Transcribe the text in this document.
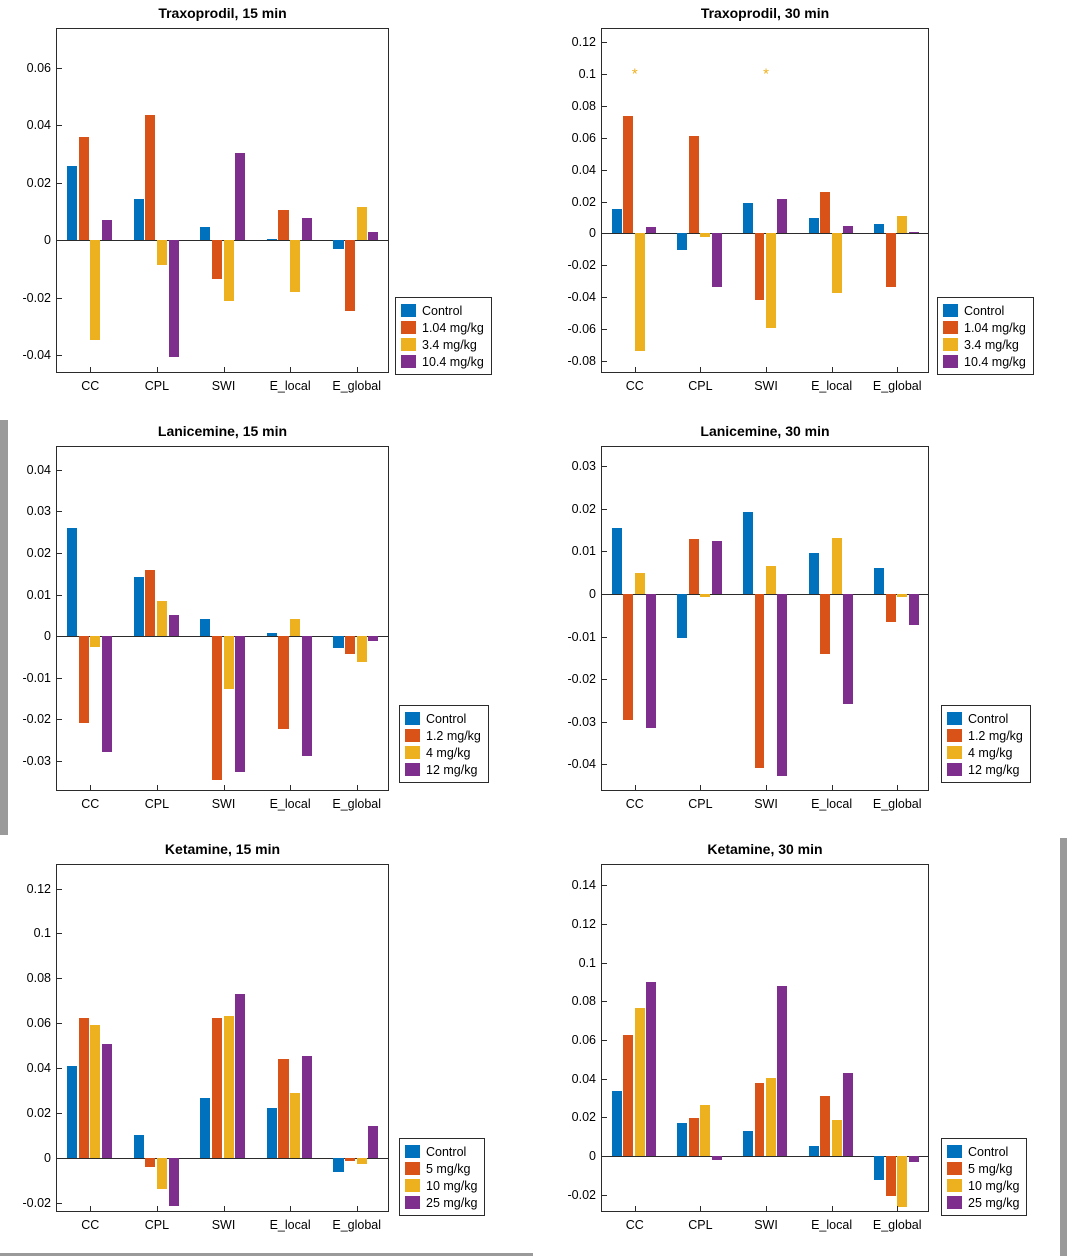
Traxoprodil, 15 min
-0.04
-0.02
0
0.02
0.04
0.06
CC	CPL	SWI	E_local E_global
Control
1.04 mg/kg
3.4 mg/kg
10.4 mg/kg
Traxoprodil, 30 min
-0.08
-0.06
-0.04
-0.02
0
0.02
0.04
0.06
0.08
0.1
0.12
CC	CPL	SWI	E_local E_global
*	*
Control
1.04 mg/kg
3.4 mg/kg
10.4 mg/kg
Lanicemine, 15 min
-0.03
-0.02
-0.01
0
0.01
0.02
0.03
0.04
CC	CPL	SWI	E_local E_global
Control
1.2 mg/kg
4 mg/kg
12 mg/kg
Lanicemine, 30 min
-0.04
-0.03
-0.02
-0.01
0
0.01
0.02
0.03
CC	CPL	SWI	E_local E_global
Control
1.2 mg/kg
4 mg/kg
12 mg/kg
Ketamine, 15 min
-0.02
0
0.02
0.04
0.06
0.08
0.1
0.12
CC	CPL	SWI	E_local E_global
Control
5 mg/kg
10 mg/kg
25 mg/kg
Ketamine, 30 min
-0.02
0
0.02
0.04
0.06
0.08
0.1
0.12
0.14
CC	CPL	SWI	E_local E_global
Control
5 mg/kg
10 mg/kg
25 mg/kg
